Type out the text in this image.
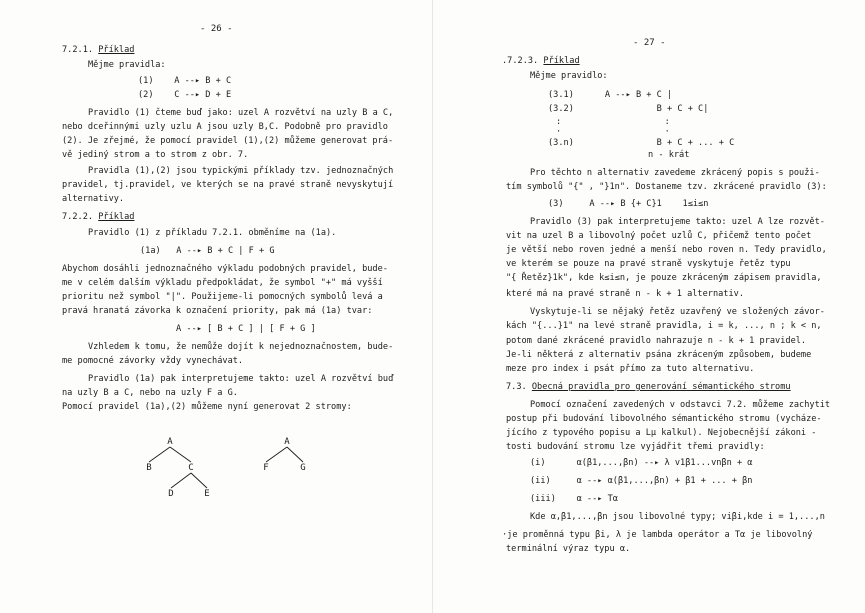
- 26 -
7.2.1. Příklad
Mějme pravidla:
(1)    A --▸ B + C
(2)    C --▸ D + E
Pravidlo (1) čteme buď jako: uzel A rozvětví na uzly B a C,
nebo dceřinnými uzly uzlu A jsou uzly B,C. Podobně pro pravidlo
(2). Je zřejmé, že pomocí pravidel (1),(2) můžeme generovat prá-
vě jediný strom a to strom z obr. 7.
Pravidla (1),(2) jsou typickými příklady tzv. jednoznačných
pravidel, tj.pravidel, ve kterých se na pravé straně nevyskytují
alternativy.
7.2.2. Příklad
Pravidlo (1) z příkladu 7.2.1. obměníme na (1a).
(1a)   A --▸ B + C | F + G
Abychom dosáhli jednoznačného výkladu podobných pravidel, bude-
me v celém dalším výkladu předpokládat, že symbol "+" má vyšší
prioritu než symbol "|". Použijeme-li pomocných symbolů levá a
pravá hranatá závorka k označení priority, pak má (1a) tvar:
A --▸ [ B + C ] | [ F + G ]
Vzhledem k tomu, že nemůže dojít k nejednoznačnostem, bude-
me pomocné závorky vždy vynechávat.
Pravidlo (1a) pak interpretujeme takto: uzel A rozvětví buď
na uzly B a C, nebo na uzly F a G.
Pomocí pravidel (1a),(2) můžeme nyní generovat 2 stromy:
A
B	C
D	E
A
F	G
- 27 -
.7.2.3. Příklad
Mějme pravidlo:
(3.1)      A --▸ B + C |
(3.2)                B + C + C|
:                    :
·                    ·
(3.n)                B + C + ... + C
n - krát
Pro těchto n alternativ zavedeme zkrácený popis s použi-
tím symbolů "{" , "}1n". Dostaneme tzv. zkrácené pravidlo (3):
(3)     A --▸ B {+ C}1    1≤i≤n
Pravidlo (3) pak interpretujeme takto: uzel A lze rozvět-
vit na uzel B a libovolný počet uzlů C, přičemž tento počet
je větší nebo roven jedné a menší nebo roven n. Tedy pravidlo,
ve kterém se pouze na pravé straně vyskytuje řetěz typu
"{ Řetěz}1k", kde k≤i≤n, je pouze zkráceným zápisem pravidla,
které má na pravé straně n - k + 1 alternativ.
Vyskytuje-li se nějaký řetěz uzavřený ve složených závor-
kách "{...}1" na levé straně pravidla, i = k, ..., n ; k < n,
potom dané zkrácené pravidlo nahrazuje n - k + 1 pravidel.
Je-li některá z alternativ psána zkráceným způsobem, budeme
meze pro index i psát přímo za tuto alternativu.
7.3. Obecná pravidla pro generování sémantického stromu
Pomocí označení zavedených v odstavci 7.2. můžeme zachytit
postup při budování libovolného sémantického stromu (vycháze-
jícího z typového popisu a Lµ kalkul). Nejobecnější zákoni -
tosti budování stromu lze vyjádřit třemi pravidly:
(i)      α(β1,...,βn) --▸ λ v1β1...vnβn + α
(ii)     α --▸ α(β1,...,βn) + β1 + ... + βn
(iii)    α --▸ Tα
Kde α,β1,...,βn jsou libovolné typy; viβi,kde i = 1,...,n
·je proměnná typu βi, λ je lambda operátor a Tα je libovolný
terminální výraz typu α.
